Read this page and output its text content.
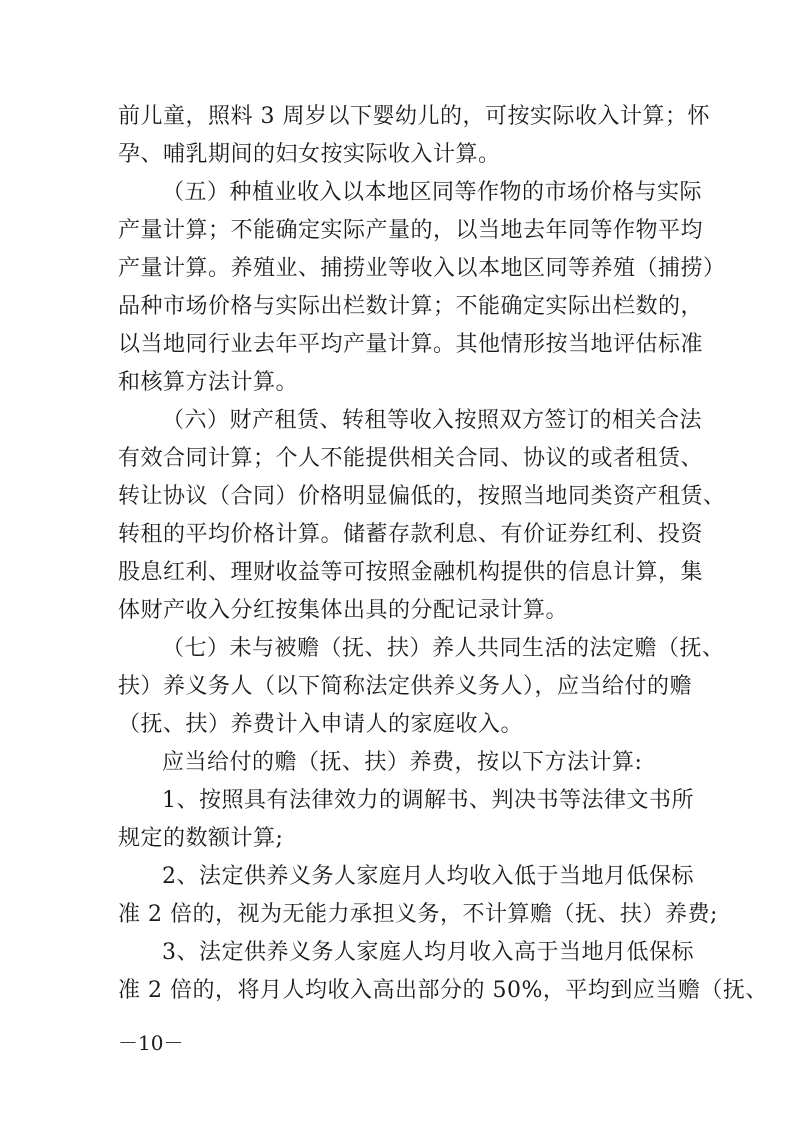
前儿童，照料 3 周岁以下婴幼儿的，可按实际收入计算；怀
孕、哺乳期间的妇女按实际收入计算。
（五）种植业收入以本地区同等作物的市场价格与实际
产量计算；不能确定实际产量的，以当地去年同等作物平均
产量计算。养殖业、捕捞业等收入以本地区同等养殖（捕捞）
品种市场价格与实际出栏数计算；不能确定实际出栏数的，
以当地同行业去年平均产量计算。其他情形按当地评估标准
和核算方法计算。
（六）财产租赁、转租等收入按照双方签订的相关合法
有效合同计算；个人不能提供相关合同、协议的或者租赁、
转让协议（合同）价格明显偏低的，按照当地同类资产租赁、
转租的平均价格计算。储蓄存款利息、有价证券红利、投资
股息红利、理财收益等可按照金融机构提供的信息计算，集
体财产收入分红按集体出具的分配记录计算。
（七）未与被赡（抚、扶）养人共同生活的法定赡（抚、
扶）养义务人（以下简称法定供养义务人），应当给付的赡
（抚、扶）养费计入申请人的家庭收入。
应当给付的赡（抚、扶）养费，按以下方法计算:
1、按照具有法律效力的调解书、判决书等法律文书所
规定的数额计算;
2、法定供养义务人家庭月人均收入低于当地月低保标
准 2 倍的，视为无能力承担义务，不计算赡（抚、扶）养费;
3、法定供养义务人家庭人均月收入高于当地月低保标
准 2 倍的，将月人均收入高出部分的 50%，平均到应当赡（抚、
－10－
